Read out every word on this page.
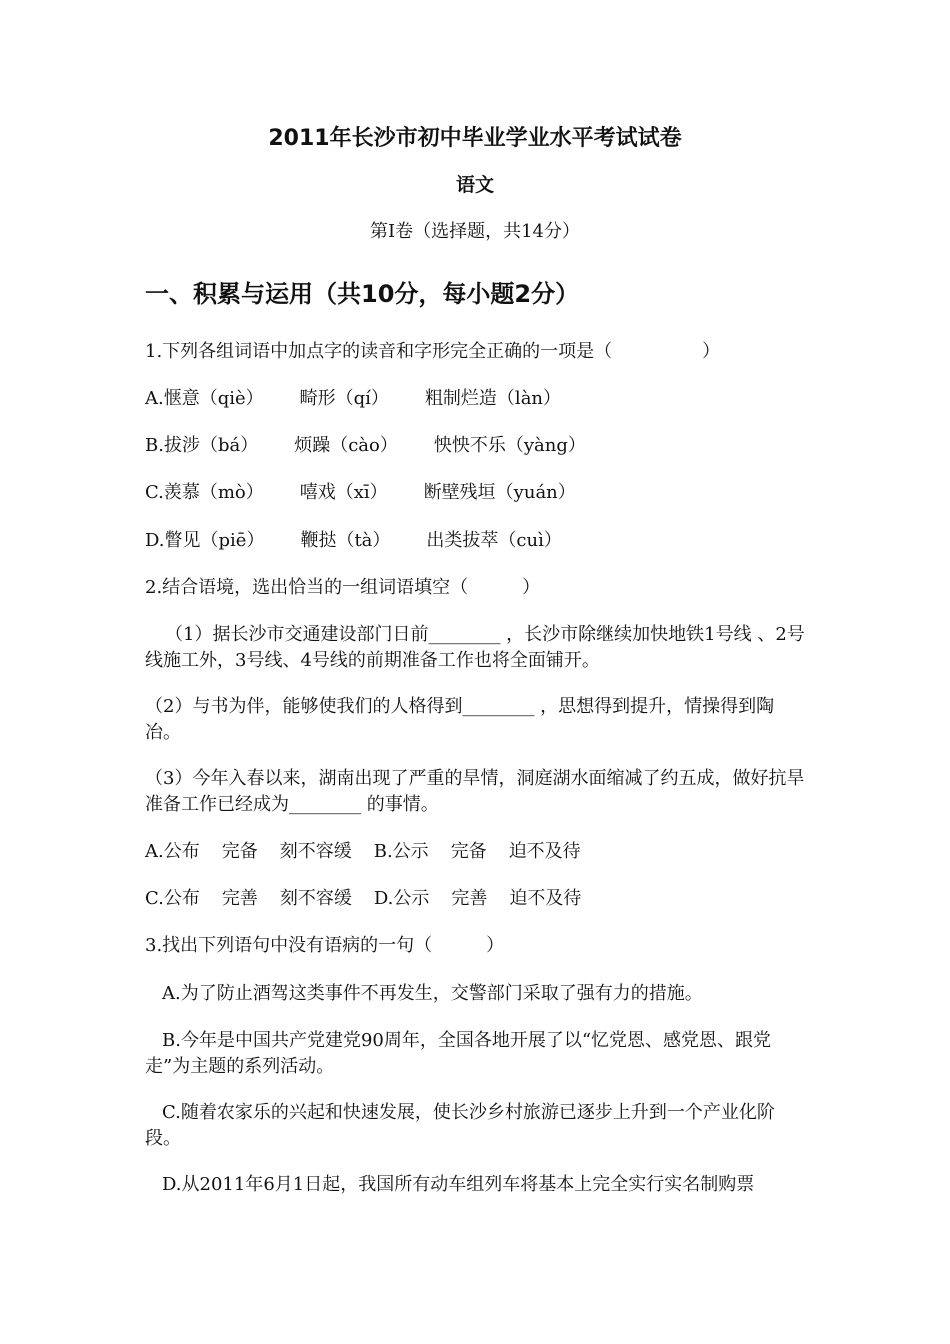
2011年长沙市初中毕业学业水平考试试卷
语文
第Ⅰ卷（选择题，共14分）
一、积累与运用（共10分，每小题2分）
1.下列各组词语中加点字的读音和字形完全正确的一项是（　　　　　）
A.惬意（qiè） 畸形（qí） 粗制烂造（làn）
B.拔涉（bá） 烦躁（cào） 怏怏不乐（yàng）
C.羡慕（mò） 嘻戏（xī） 断壁残垣（yuán）
D.瞥见（piē） 鞭挞（tà） 出类拔萃（cuì）
2.结合语境，选出恰当的一组词语填空（　　　）
（1）据长沙市交通建设部门日前________ ，长沙市除继续加快地铁1号线 、2号线施工外，3号线、4号线的前期准备工作也将全面铺开。
（2）与书为伴，能够使我们的人格得到________ ，思想得到提升，情操得到陶冶。
（3）今年入春以来，湖南出现了严重的旱情，洞庭湖水面缩减了约五成，做好抗旱准备工作已经成为________ 的事情。
A.公布 完备 刻不容缓 B.公示 完备 迫不及待
C.公布 完善 刻不容缓 D.公示 完善 迫不及待
3.找出下列语句中没有语病的一句（　　　）
A.为了防止酒驾这类事件不再发生，交警部门采取了强有力的措施。
B.今年是中国共产党建党90周年，全国各地开展了以“忆党恩、感党恩、跟党走”为主题的系列活动。
C.随着农家乐的兴起和快速发展，使长沙乡村旅游已逐步上升到一个产业化阶段。
D.从2011年6月1日起，我国所有动车组列车将基本上完全实行实名制购票
